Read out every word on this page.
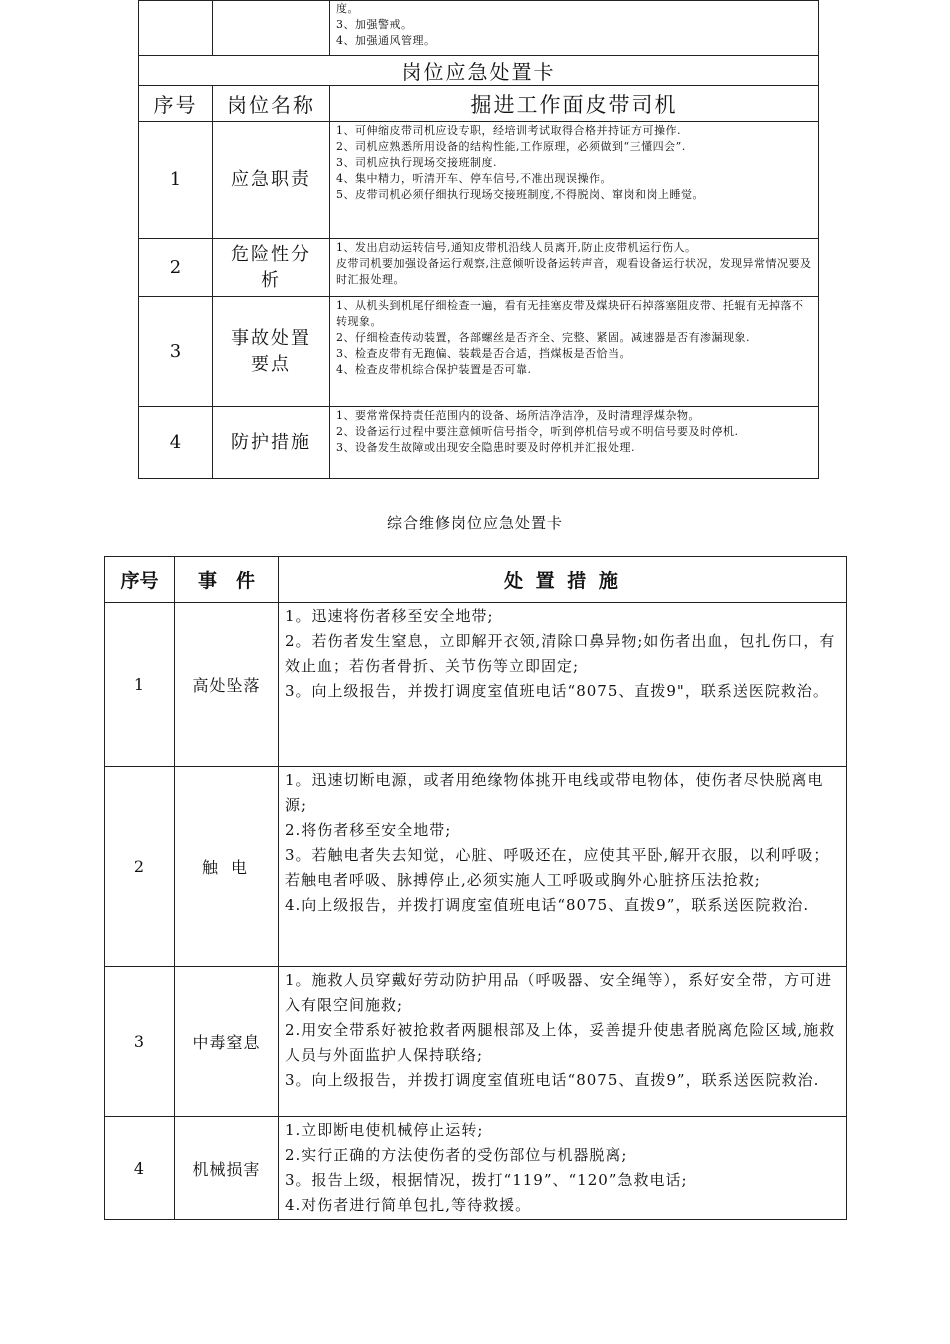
		度。
3、加强警戒。
4、加强通风管理。

岗位应急处置卡		
序号	岗位名称	掘进工作面皮带司机
1	应急职责	1、可伸缩皮带司机应设专职，经培训考试取得合格并持证方可操作.
2、司机应熟悉所用设备的结构性能,工作原理，必须做到“三懂四会”.
3、司机应执行现场交接班制度.
4、集中精力，听清开车、停车信号,不准出现误操作。
5、皮带司机必须仔细执行现场交接班制度,不得脱岗、窜岗和岗上睡觉。

2	危险性分析	1、发出启动运转信号,通知皮带机沿线人员离开,防止皮带机运行伤人。
皮带司机要加强设备运行观察,注意倾听设备运转声音，观看设备运行状况，发现异常情况要及时汇报处理。

3	事故处置要点	1、从机头到机尾仔细检查一遍，看有无挂塞皮带及煤块矸石掉落塞阻皮带、托辊有无掉落不转现象。
2、仔细检查传动装置，各部螺丝是否齐全、完整、紧固。减速器是否有渗漏现象.
3、检查皮带有无跑偏、装载是否合适，挡煤板是否恰当。
4、检查皮带机综合保护装置是否可靠.

4	防护措施	1、要常常保持责任范围内的设备、场所洁净洁净，及时清理浮煤杂物。
2、设备运行过程中要注意倾听信号指令，听到停机信号或不明信号要及时停机.
3、设备发生故障或出现安全隐患时要及时停机并汇报处理.
综合维修岗位应急处置卡
序号	事　件	处 置 措 施
1	高处坠落	1。迅速将伤者移至安全地带;
2。若伤者发生窒息，立即解开衣领,清除口鼻异物;如伤者出血，包扎伤口，有效止血；若伤者骨折、关节伤等立即固定;
3。向上级报告，并拨打调度室值班电话“8075、直拨9"，联系送医院救治。

2	触 电	1。迅速切断电源，或者用绝缘物体挑开电线或带电物体，使伤者尽快脱离电源;
2.将伤者移至安全地带;
3。若触电者失去知觉，心脏、呼吸还在，应使其平卧,解开衣服，以利呼吸；若触电者呼吸、脉搏停止,必须实施人工呼吸或胸外心脏挤压法抢救;
4.向上级报告，并拨打调度室值班电话“8075、直拨9”，联系送医院救治.

3	中毒窒息	1。施救人员穿戴好劳动防护用品（呼吸器、安全绳等），系好安全带，方可进入有限空间施救;
2.用安全带系好被抢救者两腿根部及上体，妥善提升使患者脱离危险区域,施救人员与外面监护人保持联络;
3。向上级报告，并拨打调度室值班电话“8075、直拨9”，联系送医院救治.

4	机械损害	1.立即断电使机械停止运转;
2.实行正确的方法使伤者的受伤部位与机器脱离;
3。报告上级，根据情况，拨打“119”、“120”急救电话;
4.对伤者进行简单包扎,等待救援。
